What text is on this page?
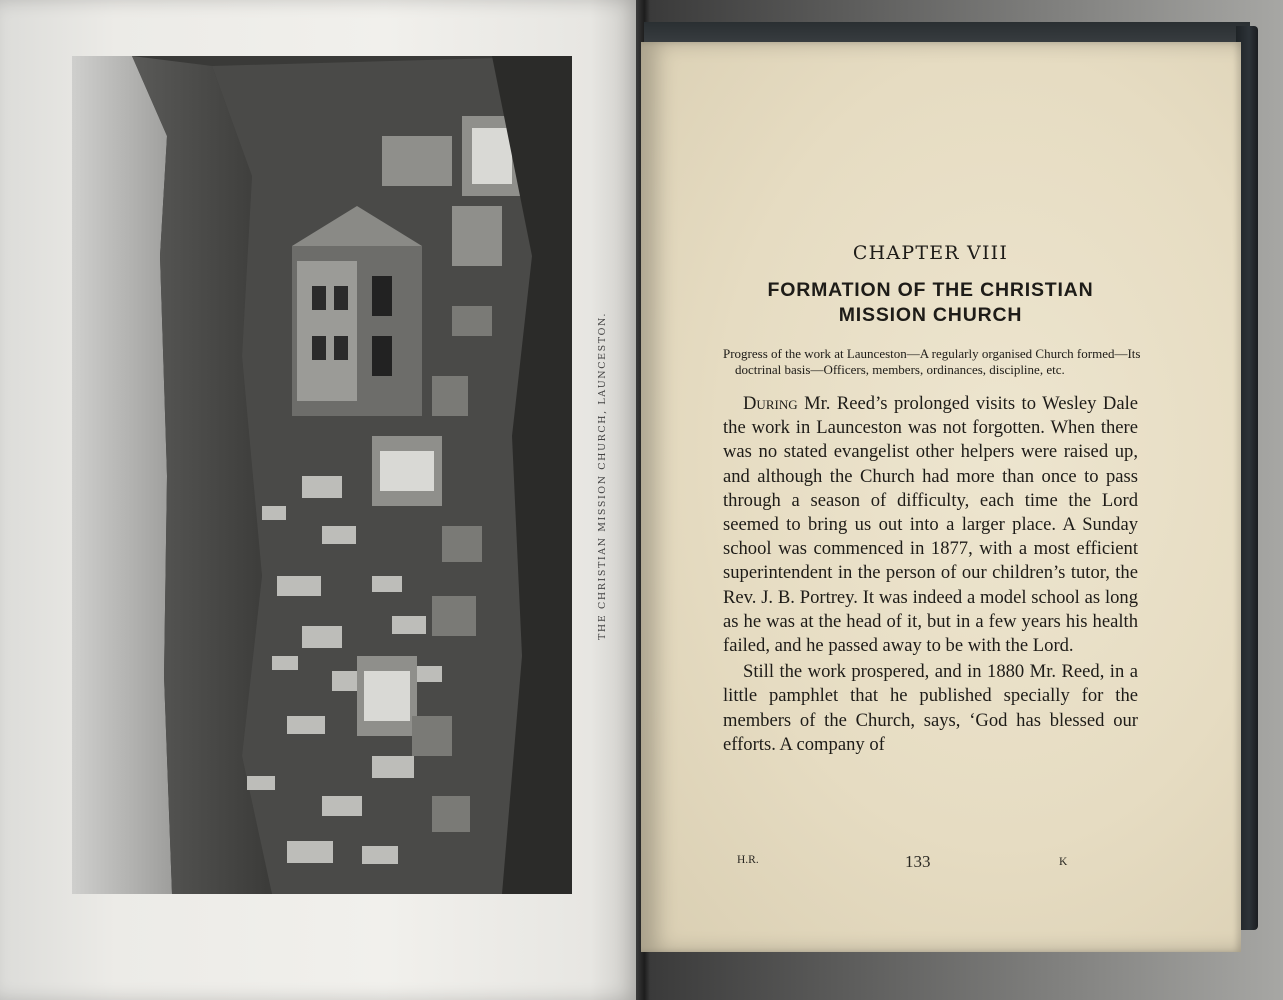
THE CHRISTIAN MISSION CHURCH, LAUNCESTON.
CHAPTER VIII
FORMATION OF THE CHRISTIAN
MISSION CHURCH

Progress of the work at Launceston—A regularly organised Church formed—Its doctrinal basis—Officers, members, ordinances, discipline, etc.

During Mr. Reed’s prolonged visits to Wesley Dale the work in Launceston was not forgotten. When there was no stated evangelist other helpers were raised up, and although the Church had more than once to pass through a season of difficulty, each time the Lord seemed to bring us out into a larger place. A Sunday school was commenced in 1877, with a most efficient superintendent in the person of our children’s tutor, the Rev. J. B. Portrey. It was indeed a model school as long as he was at the head of it, but in a few years his health failed, and he passed away to be with the Lord.

Still the work prospered, and in 1880 Mr. Reed, in a little pamphlet that he published specially for the members of the Church, says, ‘God has blessed our efforts. A company of

H.R.	133	K
